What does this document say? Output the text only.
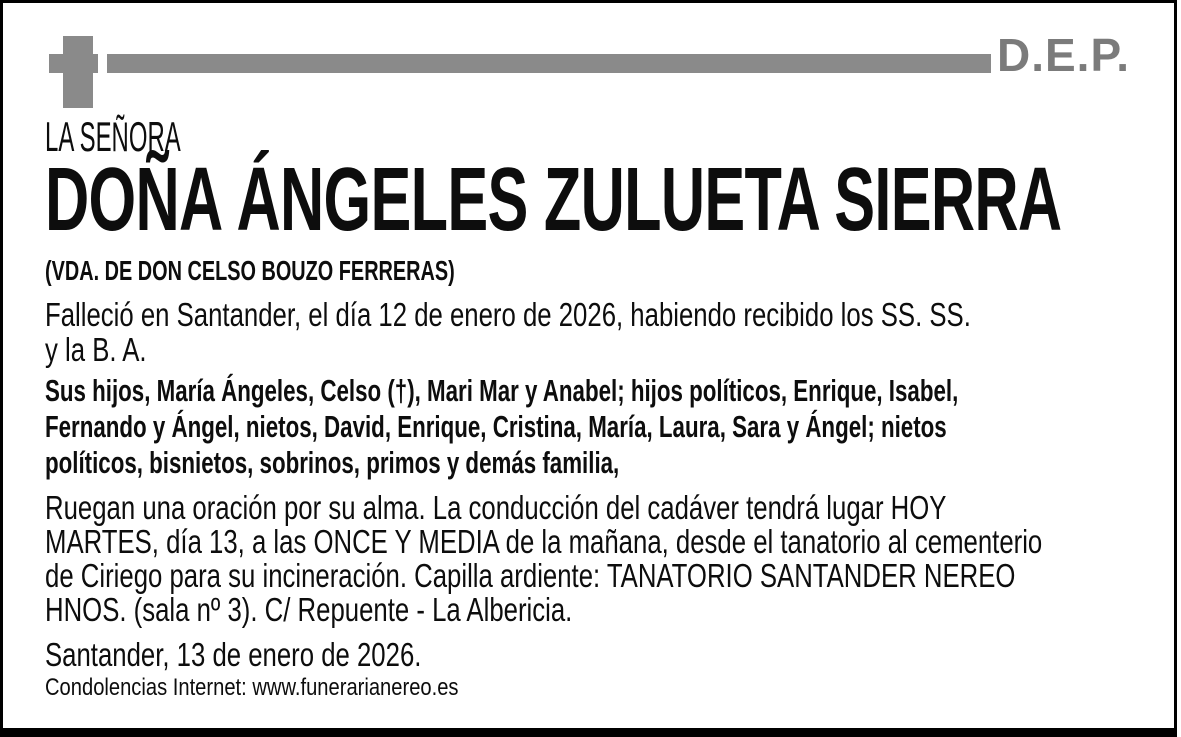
D.E.P.
LA SEÑORA
DOÑA ÁNGELES ZULUETA SIERRA
(VDA. DE DON CELSO BOUZO FERRERAS)
Falleció en Santander, el día 12 de enero de 2026, habiendo recibido los SS. SS.
y la B. A.
Sus hijos, María Ángeles, Celso (†), Mari Mar y Anabel; hijos políticos, Enrique, Isabel,
Fernando y Ángel, nietos, David, Enrique, Cristina, María, Laura, Sara y Ángel; nietos
políticos, bisnietos, sobrinos, primos y demás familia,
Ruegan una oración por su alma. La conducción del cadáver tendrá lugar HOY
MARTES, día 13, a las ONCE Y MEDIA de la mañana, desde el tanatorio al cementerio
de Ciriego para su incineración. Capilla ardiente: TANATORIO SANTANDER NEREO
HNOS. (sala nº 3). C/ Repuente - La Albericia.
Santander, 13 de enero de 2026.
Condolencias Internet: www.funerarianereo.es
